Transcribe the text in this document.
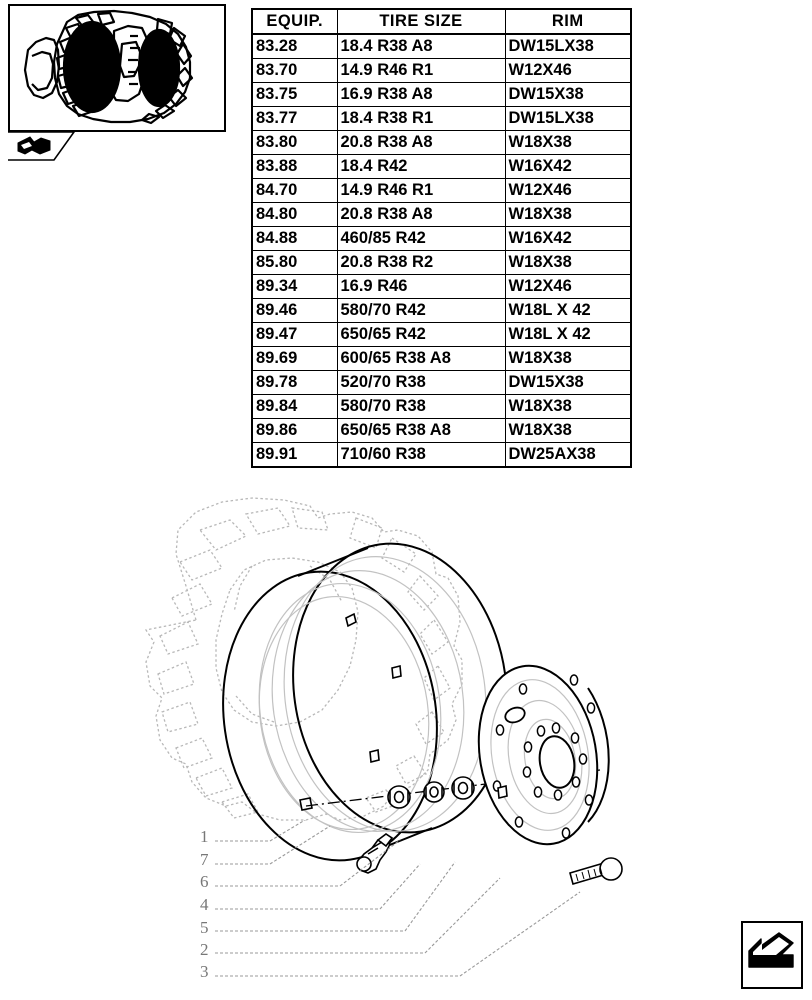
EQUIP.	TIRE SIZE	RIM
83.28	18.4 R38 A8	DW15LX38
83.70	14.9 R46 R1	W12X46
83.75	16.9 R38 A8	DW15X38
83.77	18.4 R38 R1	DW15LX38
83.80	20.8 R38 A8	W18X38
83.88	18.4 R42	W16X42
84.70	14.9 R46 R1	W12X46
84.80	20.8 R38 A8	W18X38
84.88	460/85 R42	W16X42
85.80	20.8 R38 R2	W18X38
89.34	16.9 R46	W12X46
89.46	580/70 R42	W18L X 42
89.47	650/65 R42	W18L X 42
89.69	600/65 R38 A8	W18X38
89.78	520/70 R38	DW15X38
89.84	580/70 R38	W18X38
89.86	650/65 R38 A8	W18X38
89.91	710/60 R38	DW25AX38
1
7
6
4
5
2
3
